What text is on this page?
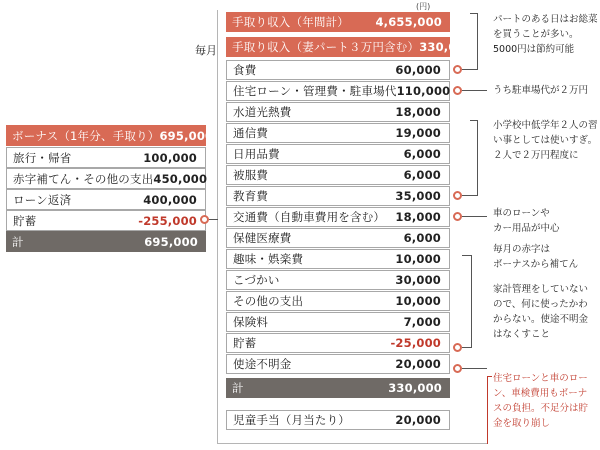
(円)
毎月
手取り収入（年間計） 4,655,000
手取り収入（妻パート３万円含む） 330,000
食費	60,000
住宅ローン・管理費・駐車場代 110,000
水道光熱費	18,000
通信費	19,000
日用品費	6,000
被服費	6,000
教育費	35,000
交通費（自動車費用を含む） 18,000
保健医療費	6,000
趣味・娯楽費	10,000
こづかい	30,000
その他の支出	10,000
保険料	7,000
貯蓄	-25,000
使途不明金	20,000
計	330,000
児童手当（月当たり）	20,000
ボーナス（1年分、手取り） 695,000
旅行・帰省	100,000
赤字補てん・その他の支出 450,000
ローン返済	400,000
貯蓄	-255,000
計	695,000
パートのある日はお総菜
を買うことが多い。
5000円は節約可能
うち駐車場代が２万円
小学校中低学年２人の習
い事としては使いすぎ。
２人で２万円程度に
車のローンや
カー用品が中心
毎月の赤字は
ボーナスから補てん
家計管理をしていない
ので、何に使ったかわ
からない。使途不明金
はなくすこと
住宅ローンと車のロー
ン、車検費用もボーナ
スの負担。不足分は貯
金を取り崩し
